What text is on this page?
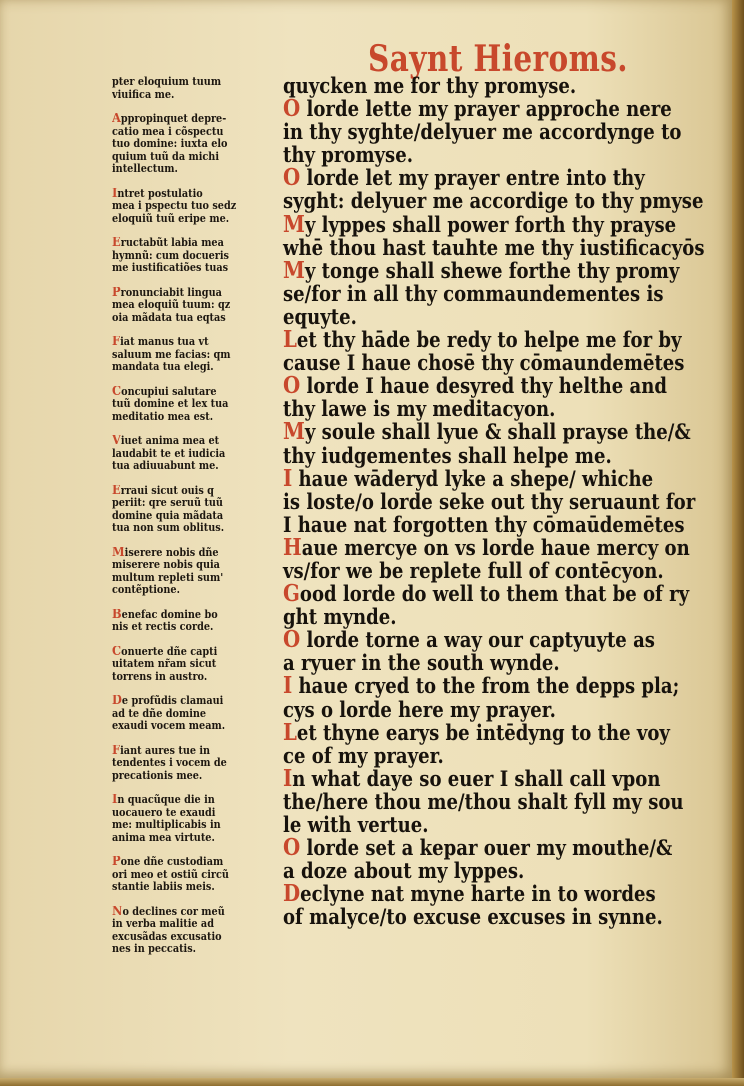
Saynt Hieroms.
pter eloquium tuum
viuifica me.
Appropinquet depre-
catio mea i cõspectu
tuo domine: iuxta elo
quium tuũ da michi
intellectum.
Intret postulatio
mea i pspectu tuo sedz
eloquiũ tuũ eripe me.
Eructabũt labia mea
hymnũ: cum docueris
me iustificatiões tuas
Pronunciabit lingua
mea eloquiũ tuum: qz
oia mãdata tua eqtas
Fiat manus tua vt
saluum me facias: qm
mandata tua elegi.
Concupiui salutare
tuũ domine et lex tua
meditatio mea est.
Viuet anima mea et
laudabit te et iudicia
tua adiuuabunt me.
Erraui sicut ouis q
periit: qre seruũ tuũ
domine quia mãdata
tua non sum oblitus.
Miserere nobis dñe
miserere nobis quia
multum repleti sum'
contẽptione.
Benefac domine bo
nis et rectis corde.
Conuerte dñe capti
uitatem nr̃am sicut
torrens in austro.
De profũdis clamaui
ad te dñe domine
exaudi vocem meam.
Fiant aures tue in
tendentes i vocem de
precationis mee.
In quacũque die in
uocauero te exaudi
me: multiplicabis in
anima mea virtute.
Pone dñe custodiam
ori meo et ostiũ circũ
stantie labiis meis.
No declines cor meũ
in verba malitie ad
excusãdas excusatio
nes in peccatis.
quycken me for thy promyse.
O lorde lette my prayer approche nere
in thy syghte/delyuer me accordynge to
thy promyse.
O lorde let my prayer entre into thy
syght: delyuer me accordige to thy pmyse
My lyppes shall power forth thy prayse
whē thou hast tauhte me thy iustificacyōs
My tonge shall shewe forthe thy promy
se/for in all thy commaundementes is
equyte.
Let thy hāde be redy to helpe me for by
cause I haue chosē thy cōmaundemētes
O lorde I haue desyred thy helthe and
thy lawe is my meditacyon.
My soule shall lyue & shall prayse the/&
thy iudgementes shall helpe me.
I haue wāderyd lyke a shepe/ whiche
is loste/o lorde seke out thy seruaunt for
I haue nat forgotten thy cōmaūdemētes
Haue mercye on vs lorde haue mercy on
vs/for we be replete full of contēcyon.
Good lorde do well to them that be of ry
ght mynde.
O lorde torne a way our captyuyte as
a ryuer in the south wynde.
I haue cryed to the from the depps pla;
cys o lorde here my prayer.
Let thyne earys be intēdyng to the voy
ce of my prayer.
In what daye so euer I shall call vpon
the/here thou me/thou shalt fyll my sou
le with vertue.
O lorde set a kepar ouer my mouthe/&
a doze about my lyppes.
Declyne nat myne harte in to wordes
of malyce/to excuse excuses in synne.
